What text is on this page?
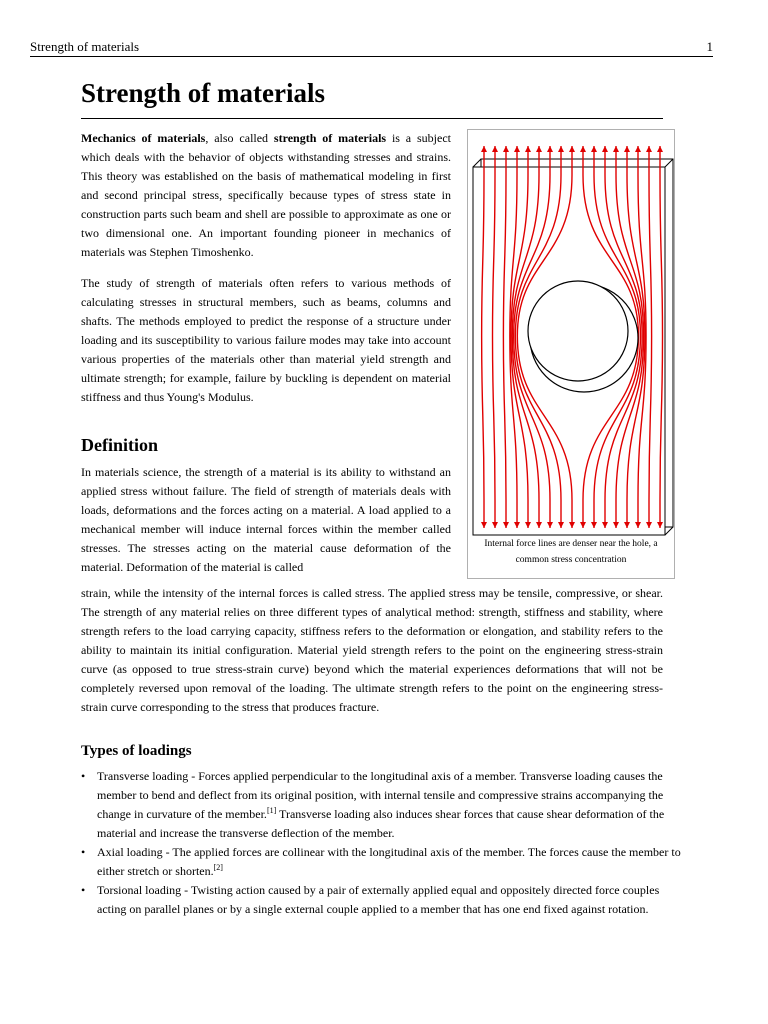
Strength of materials	1
Strength of materials

Mechanics of materials, also called strength of materials is a subject which deals with the behavior of objects withstanding stresses and strains. This theory was established on the basis of mathematical modeling in first and second principal stress, specifically because types of stress state in construction parts such beam and shell are possible to approximate as one or two dimensional one. An important founding pioneer in mechanics of materials was Stephen Timoshenko.

The study of strength of materials often refers to various methods of calculating stresses in structural members, such as beams, columns and shafts. The methods employed to predict the response of a structure under loading and its susceptibility to various failure modes may take into account various properties of the materials other than material yield strength and ultimate strength; for example, failure by buckling is dependent on material stiffness and thus Young's Modulus.

Definition

In materials science, the strength of a material is its ability to withstand an applied stress without failure. The field of strength of materials deals with loads, deformations and the forces acting on a material. A load applied to a mechanical member will induce internal forces within the member called stresses. The stresses acting on the material cause deformation of the material. Deformation of the material is called

strain, while the intensity of the internal forces is called stress. The applied stress may be tensile, compressive, or shear. The strength of any material relies on three different types of analytical method: strength, stiffness and stability, where strength refers to the load carrying capacity, stiffness refers to the deformation or elongation, and stability refers to the ability to maintain its initial configuration. Material yield strength refers to the point on the engineering stress-strain curve (as opposed to true stress-strain curve) beyond which the material experiences deformations that will not be completely reversed upon removal of the loading. The ultimate strength refers to the point on the engineering stress-strain curve corresponding to the stress that produces fracture.

Internal force lines are denser near the hole, a common stress concentration
Types of loadings
• Transverse loading - Forces applied perpendicular to the longitudinal axis of a member. Transverse loading causes the member to bend and deflect from its original position, with internal tensile and compressive strains accompanying the change in curvature of the member.[1] Transverse loading also induces shear forces that cause shear deformation of the material and increase the transverse deflection of the member.
• Axial loading - The applied forces are collinear with the longitudinal axis of the member. The forces cause the member to either stretch or shorten.[2]
• Torsional loading - Twisting action caused by a pair of externally applied equal and oppositely directed force couples acting on parallel planes or by a single external couple applied to a member that has one end fixed against rotation.
